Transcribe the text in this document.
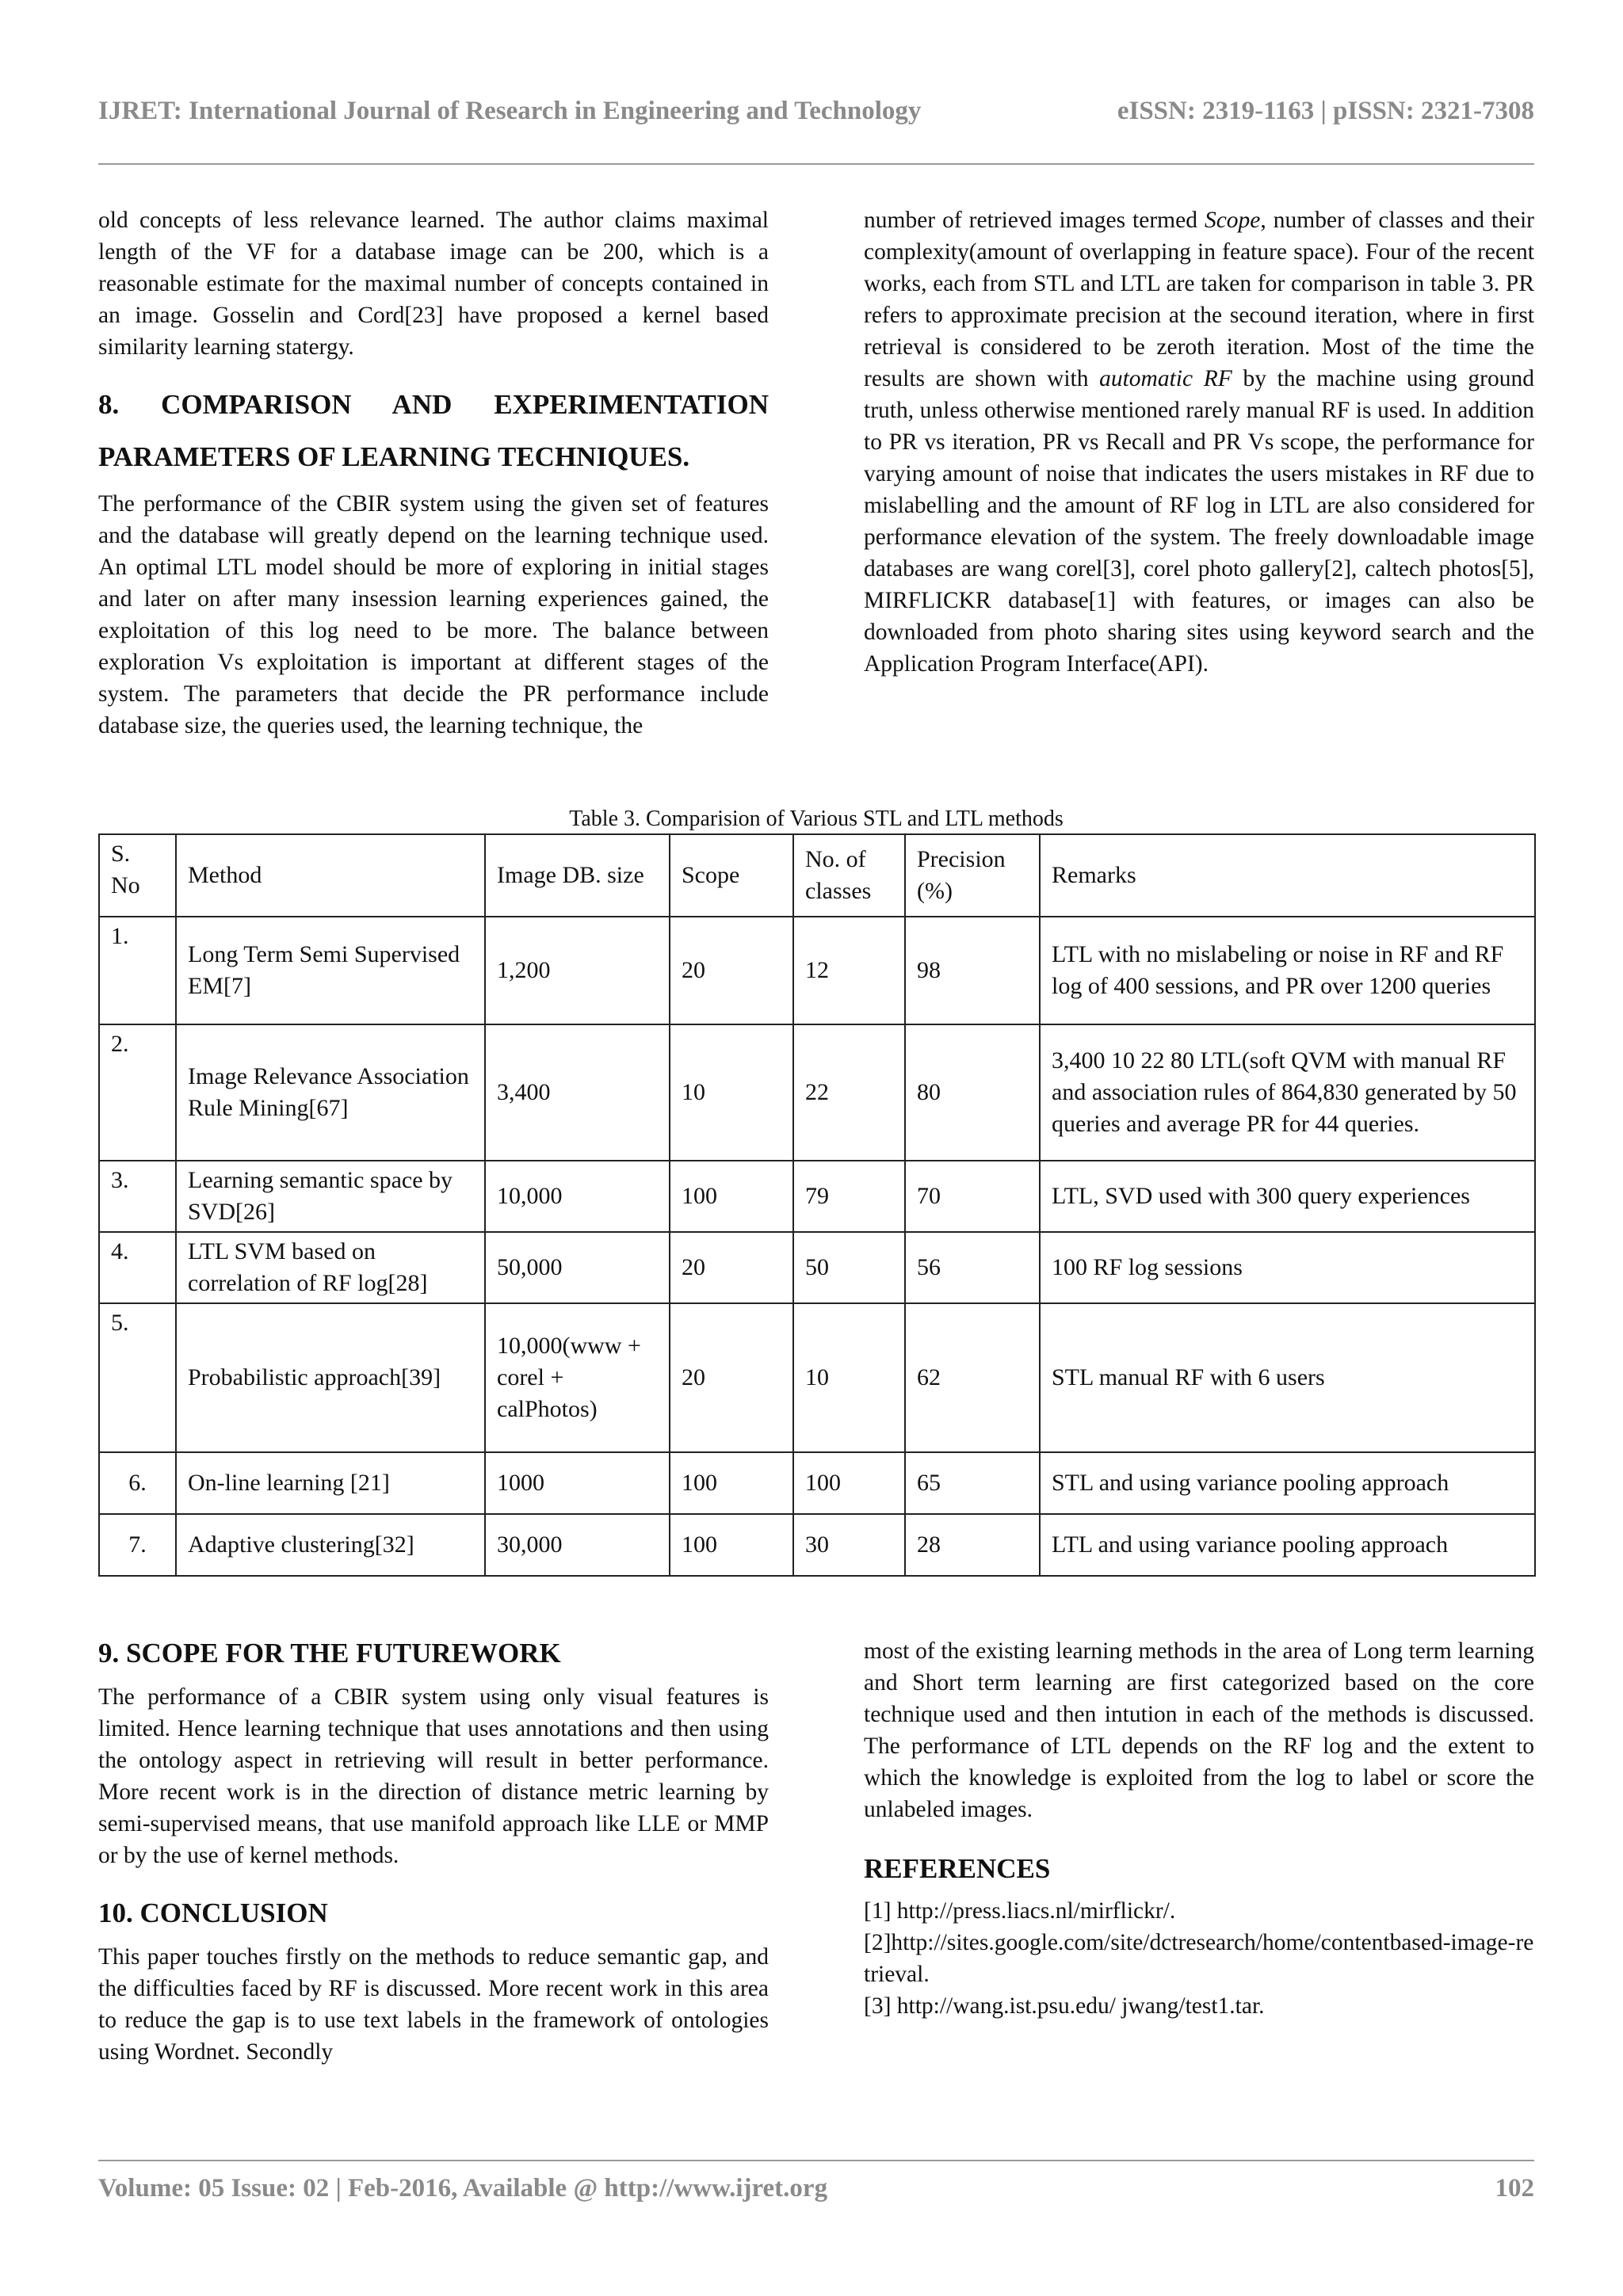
IJRET: International Journal of Research in Engineering and Technology	eISSN: 2319-1163 | pISSN: 2321-7308

old concepts of less relevance learned. The author claims maximal length of the VF for a database image can be 200, which is a reasonable estimate for the maximal number of concepts contained in an image. Gosselin and Cord[23] have proposed a kernel based similarity learning statergy.

8. COMPARISON AND EXPERIMENTATION

PARAMETERS OF LEARNING TECHNIQUES.

The performance of the CBIR system using the given set of features and the database will greatly depend on the learning technique used. An optimal LTL model should be more of exploring in initial stages and later on after many insession learning experiences gained, the exploitation of this log need to be more. The balance between exploration Vs exploitation is important at different stages of the system. The parameters that decide the PR performance include database size, the queries used, the learning technique, the

number of retrieved images termed Scope, number of classes and their complexity(amount of overlapping in feature space). Four of the recent works, each from STL and LTL are taken for comparison in table 3. PR refers to approximate precision at the secound iteration, where in first retrieval is considered to be zeroth iteration. Most of the time the results are shown with automatic RF by the machine using ground truth, unless otherwise mentioned rarely manual RF is used. In addition to PR vs iteration, PR vs Recall and PR Vs scope, the performance for varying amount of noise that indicates the users mistakes in RF due to mislabelling and the amount of RF log in LTL are also considered for performance elevation of the system. The freely downloadable image databases are wang corel[3], corel photo gallery[2], caltech photos[5], MIRFLICKR database[1] with features, or images can also be downloaded from photo sharing sites using keyword search and the Application Program Interface(API).

Table 3. Comparision of Various STL and LTL methods
S. No	Method	Image DB. size	Scope	No. of classes	Precision (%)	Remarks
1.	Long Term Semi Supervised EM[7]	1,200	20	12	98	LTL with no mislabeling or noise in RF and RF log of 400 sessions, and PR over 1200 queries
2.	Image Relevance Association Rule Mining[67]	3,400	10	22	80	3,400 10 22 80 LTL(soft QVM with manual RF and association rules of 864,830 generated by 50 queries and average PR for 44 queries.
3.	Learning semantic space by SVD[26]	10,000	100	79	70	LTL, SVD used with 300 query experiences
4.	LTL SVM based on correlation of RF log[28]	50,000	20	50	56	100 RF log sessions
5.	Probabilistic approach[39]	10,000(www + corel + calPhotos)	20	10	62	STL manual RF with 6 users
6.	On-line learning [21]	1000	100	100	65	STL and using variance pooling approach
7.	Adaptive clustering[32]	30,000	100	30	28	LTL and using variance pooling approach

9. SCOPE FOR THE FUTUREWORK

The performance of a CBIR system using only visual features is limited. Hence learning technique that uses annotations and then using the ontology aspect in retrieving will result in better performance. More recent work is in the direction of distance metric learning by semi-supervised means, that use manifold approach like LLE or MMP or by the use of kernel methods.

10. CONCLUSION

This paper touches firstly on the methods to reduce semantic gap, and the difficulties faced by RF is discussed. More recent work in this area to reduce the gap is to use text labels in the framework of ontologies using Wordnet. Secondly

most of the existing learning methods in the area of Long term learning and Short term learning are first categorized based on the core technique used and then intution in each of the methods is discussed. The performance of LTL depends on the RF log and the extent to which the knowledge is exploited from the log to label or score the unlabeled images.

REFERENCES

[1] http://press.liacs.nl/mirflickr/.

[2]http://sites.google.com/site/dctresearch/home/contentbased-image-retrieval.

[3] http://wang.ist.psu.edu/ jwang/test1.tar.

Volume: 05 Issue: 02 | Feb-2016, Available @ http://www.ijret.org	102
